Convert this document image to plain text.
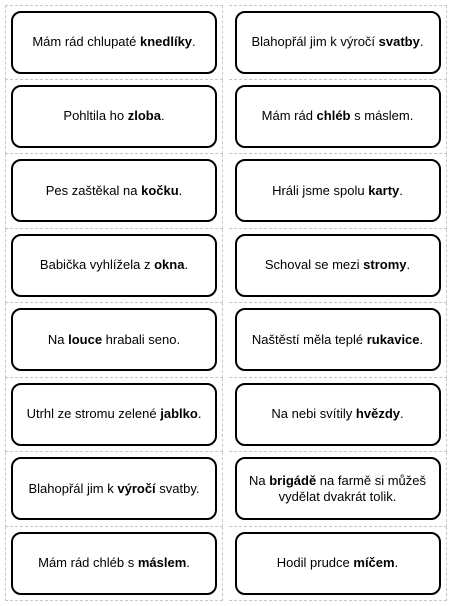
Mám rád chlupaté knedlíky.	Blahopřál jim k výročí svatby.
Pohltila ho zloba.	Mám rád chléb s máslem.
Pes zaštěkal na kočku.	Hráli jsme spolu karty.
Babička vyhlížela z okna.	Schoval se mezi stromy.
Na louce hrabali seno.	Naštěstí měla teplé rukavice.
Utrhl ze stromu zelené jablko.	Na nebi svítily hvězdy.
Blahopřál jim k výročí svatby.
Na brigádě na farmě si můžeš vydělat dvakrát tolik.
Mám rád chléb s máslem.	Hodil prudce míčem.
